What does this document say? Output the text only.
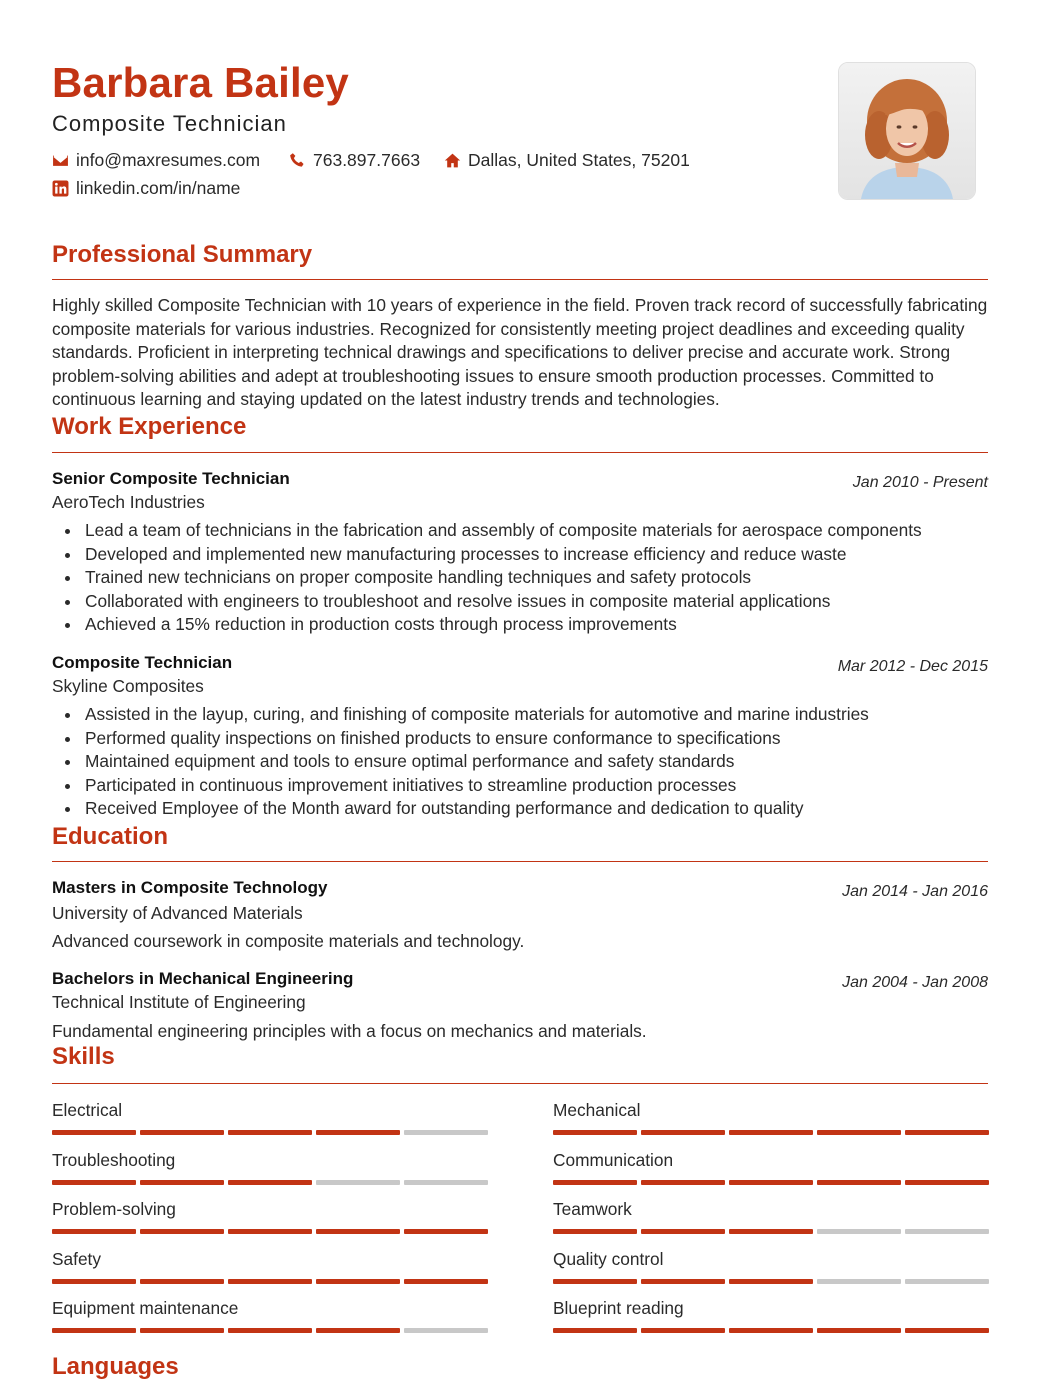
Barbara Bailey
Composite Technician
info@maxresumes.com	763.897.7663	Dallas, United States, 75201
linkedin.com/in/name
Professional Summary
Highly skilled Composite Technician with 10 years of experience in the field. Proven track record of successfully fabricating composite materials for various industries. Recognized for consistently meeting project deadlines and exceeding quality standards. Proficient in interpreting technical drawings and specifications to deliver precise and accurate work. Strong problem-solving abilities and adept at troubleshooting issues to ensure smooth production processes. Committed to continuous learning and staying updated on the latest industry trends and technologies.
Work Experience
Senior Composite Technician	Jan 2010 - Present
AeroTech Industries
Lead a team of technicians in the fabrication and assembly of composite materials for aerospace components
Developed and implemented new manufacturing processes to increase efficiency and reduce waste
Trained new technicians on proper composite handling techniques and safety protocols
Collaborated with engineers to troubleshoot and resolve issues in composite material applications
Achieved a 15% reduction in production costs through process improvements
Composite Technician	Mar 2012 - Dec 2015
Skyline Composites
Assisted in the layup, curing, and finishing of composite materials for automotive and marine industries
Performed quality inspections on finished products to ensure conformance to specifications
Maintained equipment and tools to ensure optimal performance and safety standards
Participated in continuous improvement initiatives to streamline production processes
Received Employee of the Month award for outstanding performance and dedication to quality
Education
Masters in Composite Technology	Jan 2014 - Jan 2016
University of Advanced Materials
Advanced coursework in composite materials and technology.
Bachelors in Mechanical Engineering	Jan 2004 - Jan 2008
Technical Institute of Engineering
Fundamental engineering principles with a focus on mechanics and materials.
Skills
Electrical	Mechanical
Troubleshooting	Communication
Problem-solving	Teamwork
Safety	Quality control
Equipment maintenance	Blueprint reading
Languages
